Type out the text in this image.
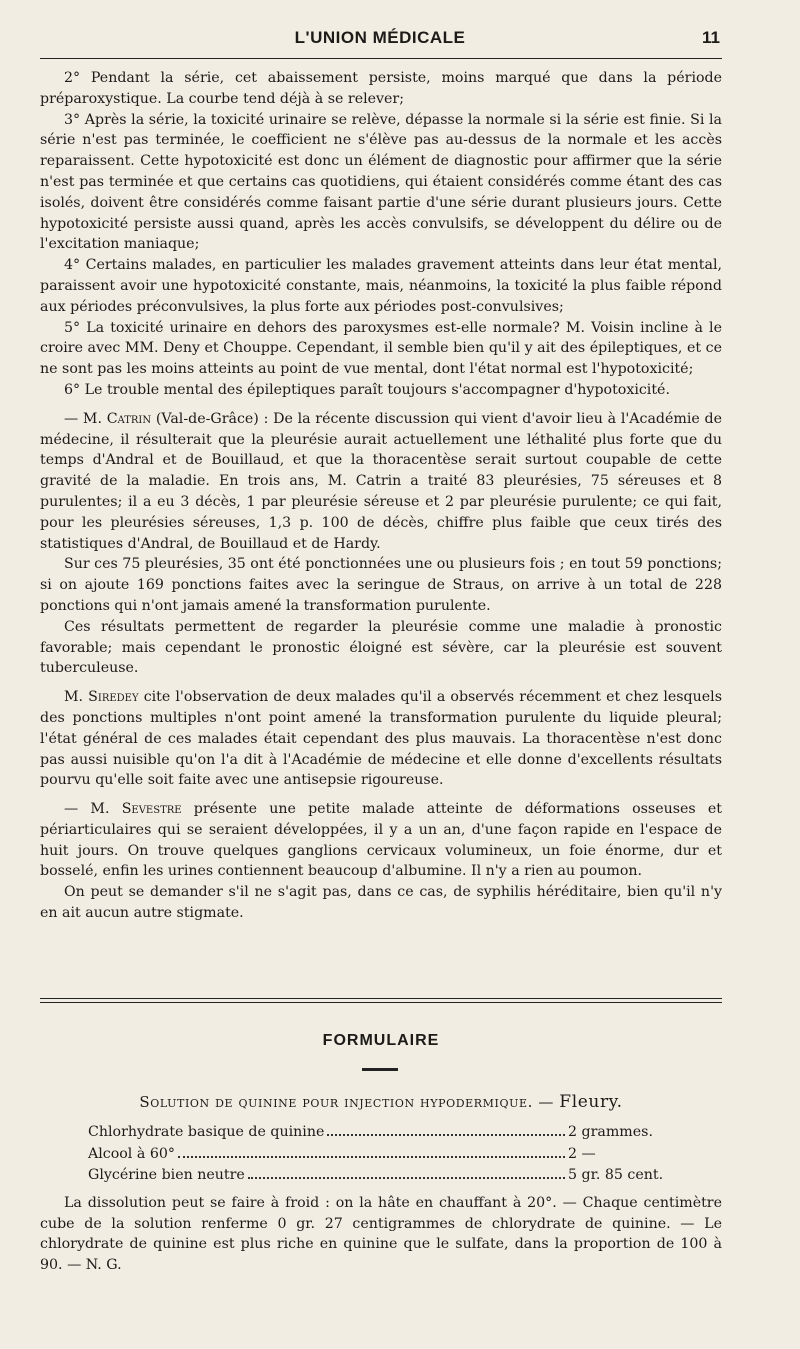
L'UNION MÉDICALE	11

2° Pendant la série, cet abaissement persiste, moins marqué que dans la période préparoxystique. La courbe tend déjà à se relever;

3° Après la série, la toxicité urinaire se relève, dépasse la normale si la série est finie. Si la série n'est pas terminée, le coefficient ne s'élève pas au-dessus de la normale et les accès reparaissent. Cette hypotoxicité est donc un élément de diagnostic pour affirmer que la série n'est pas terminée et que certains cas quotidiens, qui étaient considérés comme étant des cas isolés, doivent être considérés comme faisant partie d'une série durant plusieurs jours. Cette hypotoxicité persiste aussi quand, après les accès convulsifs, se développent du délire ou de l'excitation maniaque;

4° Certains malades, en particulier les malades gravement atteints dans leur état mental, paraissent avoir une hypotoxicité constante, mais, néanmoins, la toxicité la plus faible répond aux périodes préconvulsives, la plus forte aux périodes post-convulsives;

5° La toxicité urinaire en dehors des paroxysmes est-elle normale? M. Voisin incline à le croire avec MM. Deny et Chouppe. Cependant, il semble bien qu'il y ait des épileptiques, et ce ne sont pas les moins atteints au point de vue mental, dont l'état normal est l'hypotoxicité;

6° Le trouble mental des épileptiques paraît toujours s'accompagner d'hypotoxicité.

— M. Catrin (Val-de-Grâce) : De la récente discussion qui vient d'avoir lieu à l'Académie de médecine, il résulterait que la pleurésie aurait actuellement une léthalité plus forte que du temps d'Andral et de Bouillaud, et que la thoracentèse serait surtout coupable de cette gravité de la maladie. En trois ans, M. Catrin a traité 83 pleurésies, 75 séreuses et 8 purulentes; il a eu 3 décès, 1 par pleurésie séreuse et 2 par pleurésie purulente; ce qui fait, pour les pleurésies séreuses, 1,3 p. 100 de décès, chiffre plus faible que ceux tirés des statistiques d'Andral, de Bouillaud et de Hardy.

Sur ces 75 pleurésies, 35 ont été ponctionnées une ou plusieurs fois ; en tout 59 ponctions; si on ajoute 169 ponctions faites avec la seringue de Straus, on arrive à un total de 228 ponctions qui n'ont jamais amené la transformation purulente.

Ces résultats permettent de regarder la pleurésie comme une maladie à pronostic favorable; mais cependant le pronostic éloigné est sévère, car la pleurésie est souvent tuberculeuse.

M. Siredey cite l'observation de deux malades qu'il a observés récemment et chez lesquels des ponctions multiples n'ont point amené la transformation purulente du liquide pleural; l'état général de ces malades était cependant des plus mauvais. La thoracentèse n'est donc pas aussi nuisible qu'on l'a dit à l'Académie de médecine et elle donne d'excellents résultats pourvu qu'elle soit faite avec une antisepsie rigoureuse.

— M. Sevestre présente une petite malade atteinte de déformations osseuses et périarticulaires qui se seraient développées, il y a un an, d'une façon rapide en l'espace de huit jours. On trouve quelques ganglions cervicaux volumineux, un foie énorme, dur et bosselé, enfin les urines contiennent beaucoup d'albumine. Il n'y a rien au poumon.

On peut se demander s'il ne s'agit pas, dans ce cas, de syphilis héréditaire, bien qu'il n'y en ait aucun autre stigmate.

FORMULAIRE
Solution de quinine pour injection hypodermique. — Fleury.
Chlorhydrate basique de quinine	2 grammes.
Alcool à 60°	2 —
Glycérine bien neutre	5 gr. 85 cent.

La dissolution peut se faire à froid : on la hâte en chauffant à 20°. — Chaque centimètre cube de la solution renferme 0 gr. 27 centigrammes de chlorydrate de quinine. — Le chlorydrate de quinine est plus riche en quinine que le sulfate, dans la proportion de 100 à 90. — N. G.
